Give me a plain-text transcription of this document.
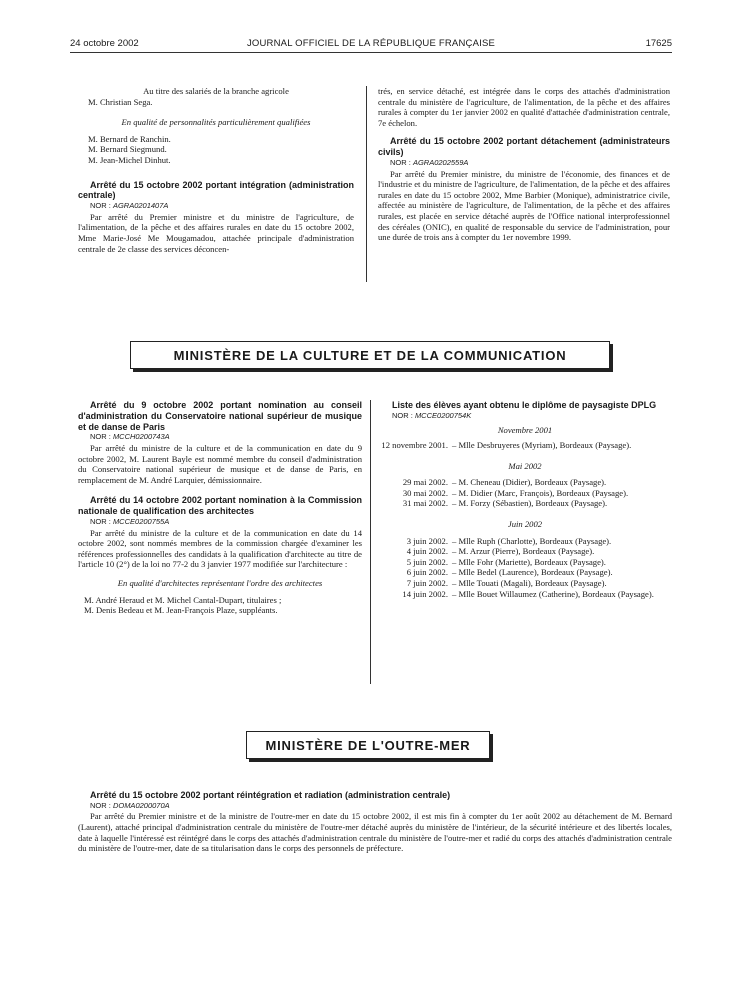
24 octobre 2002	JOURNAL OFFICIEL DE LA RÉPUBLIQUE FRANÇAISE	17625

Au titre des salariés de la branche agricole

M. Christian Sega.

En qualité de personnalités particulièrement qualifiées

M. Bernard de Ranchin.

M. Bernard Siegmund.

M. Jean-Michel Dinhut.

Arrêté du 15 octobre 2002 portant intégration (administration centrale)

NOR : AGRA0201407A

Par arrêté du Premier ministre et du ministre de l'agriculture, de l'alimentation, de la pêche et des affaires rurales en date du 15 octobre 2002, Mme Marie-José Me Mougamadou, attachée principale d'administration centrale de 2e classe des services déconcen-

trés, en service détaché, est intégrée dans le corps des attachés d'administration centrale du ministère de l'agriculture, de l'alimentation, de la pêche et des affaires rurales à compter du 1er janvier 2002 en qualité d'attachée d'administration centrale, 7e échelon.

Arrêté du 15 octobre 2002 portant détachement (administrateurs civils)

NOR : AGRA0202559A

Par arrêté du Premier ministre, du ministre de l'économie, des finances et de l'industrie et du ministre de l'agriculture, de l'alimentation, de la pêche et des affaires rurales en date du 15 octobre 2002, Mme Barbier (Monique), administratrice civile, affectée au ministère de l'agriculture, de l'alimentation, de la pêche et des affaires rurales, est placée en service détaché auprès de l'Office national interprofessionnel des céréales (ONIC), en qualité de responsable du service de l'administration, pour une durée de trois ans à compter du 1er novembre 1999.

MINISTÈRE DE LA CULTURE ET DE LA COMMUNICATION

Arrêté du 9 octobre 2002 portant nomination au conseil d'administration du Conservatoire national supérieur de musique et de danse de Paris

NOR : MCCH0200743A

Par arrêté du ministre de la culture et de la communication en date du 9 octobre 2002, M. Laurent Bayle est nommé membre du conseil d'administration du Conservatoire national supérieur de musique et de danse de Paris, en remplacement de M. André Larquier, démissionnaire.

Arrêté du 14 octobre 2002 portant nomination à la Commission nationale de qualification des architectes

NOR : MCCE0200755A

Par arrêté du ministre de la culture et de la communication en date du 14 octobre 2002, sont nommés membres de la commission chargée d'examiner les références professionnelles des candidats à la qualification d'architecte au titre de l'article 10 (2°) de la loi no 77-2 du 3 janvier 1977 modifiée sur l'architecture :

En qualité d'architectes représentant l'ordre des architectes

M. André Heraud et M. Michel Cantal-Dupart, titulaires ;

M. Denis Bedeau et M. Jean-François Plaze, suppléants.

Liste des élèves ayant obtenu le diplôme de paysagiste DPLG

NOR : MCCE0200754K

Novembre 2001

12 novembre 2001. – Mlle Desbruyeres (Myriam), Bordeaux (Paysage).

Mai 2002

29 mai 2002. – M. Cheneau (Didier), Bordeaux (Paysage).
30 mai 2002. – M. Didier (Marc, François), Bordeaux (Paysage).
31 mai 2002. – M. Forzy (Sébastien), Bordeaux (Paysage).

Juin 2002

3 juin 2002. – Mlle Ruph (Charlotte), Bordeaux (Paysage).
4 juin 2002. – M. Arzur (Pierre), Bordeaux (Paysage).
5 juin 2002. – Mlle Fohr (Mariette), Bordeaux (Paysage).
6 juin 2002. – Mlle Bedel (Laurence), Bordeaux (Paysage).
7 juin 2002. – Mlle Touati (Magali), Bordeaux (Paysage).
14 juin 2002. – Mlle Bouet Willaumez (Catherine), Bordeaux (Paysage).
MINISTÈRE DE L'OUTRE-MER

Arrêté du 15 octobre 2002 portant réintégration et radiation (administration centrale)

NOR : DOMA0200070A

Par arrêté du Premier ministre et de la ministre de l'outre-mer en date du 15 octobre 2002, il est mis fin à compter du 1er août 2002 au détachement de M. Bernard (Laurent), attaché principal d'administration centrale du ministère de l'outre-mer détaché auprès du ministère de l'intérieur, de la sécurité intérieure et des libertés locales, date à laquelle l'intéressé est réintégré dans le corps des attachés d'administration centrale du ministère de l'outre-mer et radié du corps des attachés d'administration centrale du ministère de l'outre-mer, date de sa titularisation dans le corps des personnels de préfecture.
